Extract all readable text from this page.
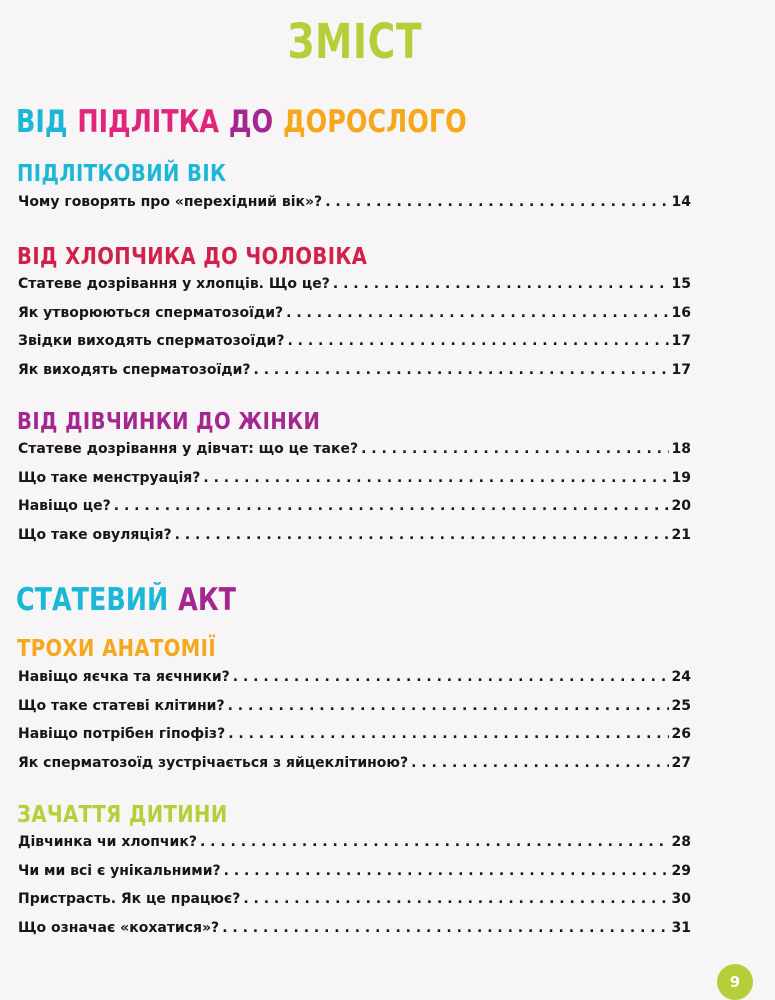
ЗМІСТ
ВІД ПІДЛІТКА ДО ДОРОСЛОГО
ПІДЛІТКОВИЙ ВІК
Чому говорять про «перехідний вік»? . . .	14
ВІД ХЛОПЧИКА ДО ЧОЛОВІКА
Статеве дозрівання у хлопців. Що це? . . .	15
Як утворюються сперматозоїди? . . .	16
Звідки виходять сперматозоїди? . . .	17
Як виходять сперматозоїди? . . .	17
ВІД ДІВЧИНКИ ДО ЖІНКИ
Статеве дозрівання у дівчат: що це таке? . . .	18
Що таке менструація? . . .	19
Навіщо це? . . .	20
Що таке овуляція? . . .	21
СТАТЕВИЙ АКТ
ТРОХИ АНАТОМІЇ
Навіщо яєчка та яєчники? . . .	24
Що таке статеві клітини? . . .	25
Навіщо потрібен гіпофіз? . . .	26
Як сперматозоїд зустрічається з яйцеклітиною? . . .	27
ЗАЧАТТЯ ДИТИНИ
Дівчинка чи хлопчик? . . .	28
Чи ми всі є унікальними? . . .	29
Пристрасть. Як це працює? . . .	30
Що означає «кохатися»? . . .	31
9
